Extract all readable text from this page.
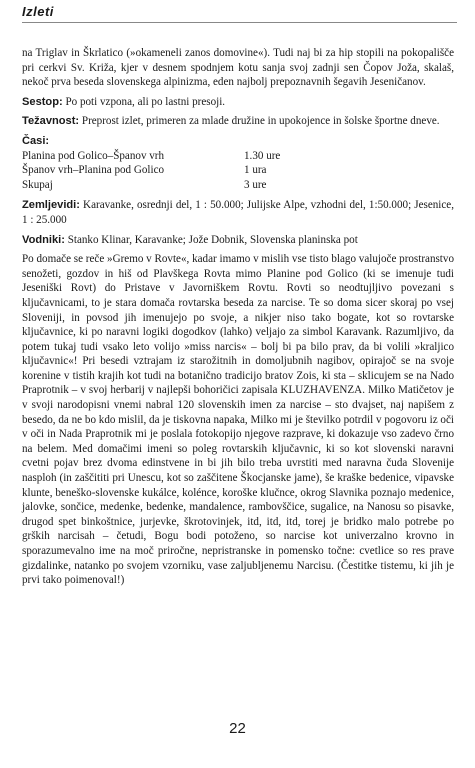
Izleti

na Triglav in Škrlatico (»okameneli zanos domovine«). Tudi naj bi za hip stopili na pokopališče pri cerkvi Sv. Križa, kjer v desnem spodnjem kotu sanja svoj zadnji sen Čopov Joža, skalaš, nekoč prva beseda slovenskega alpinizma, eden najbolj prepoznavnih šegavih Jeseničanov.

Sestop: Po poti vzpona, ali po lastni presoji.

Težavnost: Preprost izlet, primeren za mlade družine in upokojence in šolske športne dneve.

Časi:
Planina pod Golico–Španov vrh	1.30 ure
Španov vrh–Planina pod Golico	1 ura
Skupaj	3 ure

Zemljevidi: Karavanke, osrednji del, 1 : 50.000; Julijske Alpe, vzhodni del, 1:50.000; Jesenice, 1 : 25.000

Vodniki: Stanko Klinar, Karavanke; Jože Dobnik, Slovenska planinska pot

Po domače se reče »Gremo v Rovte«, kadar imamo v mislih vse tisto blago valujoče prostranstvo senožeti, gozdov in hiš od Plavškega Rovta mimo Planine pod Golico (ki se imenuje tudi Jeseniški Rovt) do Pristave v Javorniškem Rovtu. Rovti so neodtujljivo povezani s ključavnicami, to je stara domača rovtarska beseda za narcise. Te so doma sicer skoraj po vsej Sloveniji, in povsod jih imenujejo po svoje, a nikjer niso tako bogate, kot so rovtarske ključavnice, ki po naravni logiki dogodkov (lahko) veljajo za simbol Karavank. Razumljivo, da potem tukaj tudi vsako leto volijo »miss narcis« – bolj bi pa bilo prav, da bi volili »kraljico ključavnic«! Pri besedi vztrajam iz starožitnih in domoljubnih nagibov, opirajoč se na svoje korenine v tistih krajih kot tudi na botanično tradicijo bratov Zois, ki sta – sklicujem se na Nado Praprotnik – v svoj herbarij v najlepši bohoričici zapisala KLUZHAVENZA. Milko Matičetov je v svoji narodopisni vnemi nabral 120 slovenskih imen za narcise – sto dvajset, naj napišem z besedo, da ne bo kdo mislil, da je tiskovna napaka, Milko mi je številko potrdil v pogovoru iz oči v oči in Nada Praprotnik mi je poslala fotokopijo njegove razprave, ki dokazuje vso zadevo črno na belem. Med domačimi imeni so poleg rovtarskih ključavnic, ki so kot slovenski naravni cvetni pojav brez dvoma edinstvene in bi jih bilo treba uvrstiti med naravna čuda Slovenije nasploh (in zaščititi pri Unescu, kot so zaščitene Škocjanske jame), še kraške bedenice, vipavske klunte, beneško-slovenske kukálce, kolénce, koroške klučnce, okrog Slavnika poznajo medenice, jalovke, sončice, medenke, bedenke, mandalence, rambovščice, sugalice, na Nanosu so pisavke, drugod spet binkoštnice, jurjevke, škrotovinjek, itd, itd, itd, torej je bridko malo potrebe po grških narcisah – četudi, Bogu bodi potoženo, so narcise kot univerzalno krovno in sporazumevalno ime na moč priročne, nepristranske in pomensko točne: cvetlice so res prave gizdalinke, natanko po svojem vzorniku, vase zaljubljenemu Narcisu. (Čestitke tistemu, ki jih je prvi tako poimenoval!)

22
